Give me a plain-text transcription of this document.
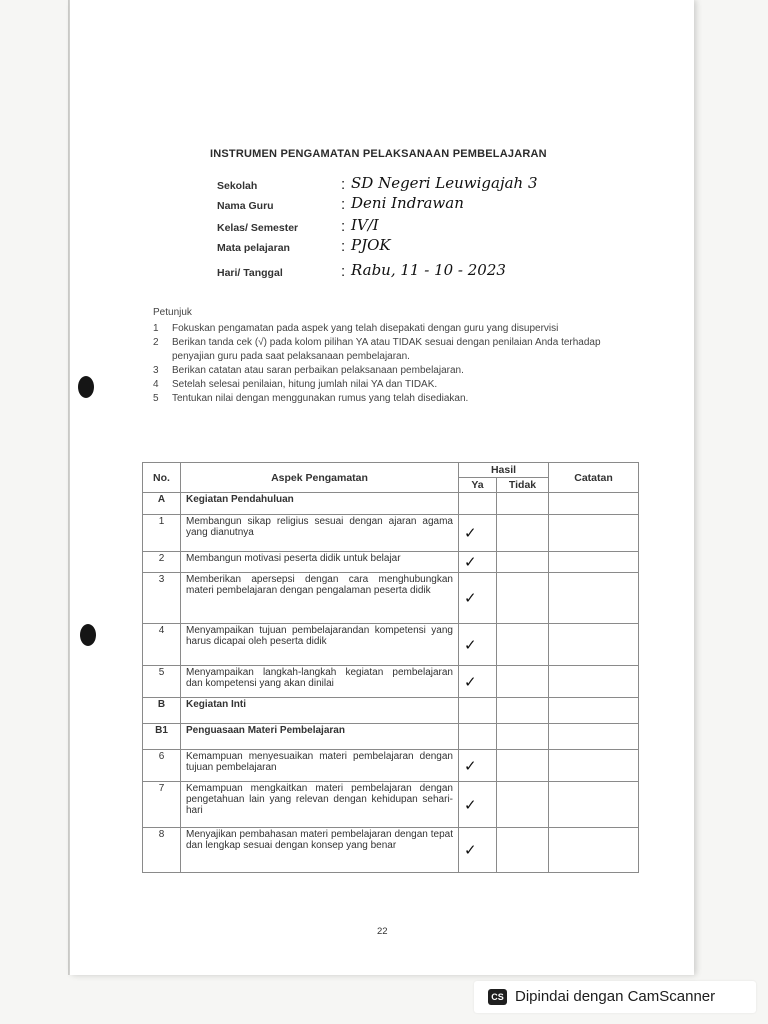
INSTRUMEN PENGAMATAN PELAKSANAAN PEMBELAJARAN
Sekolah	: SD Negeri Leuwigajah 3
Nama Guru	: Deni Indrawan
Kelas/ Semester	: IV/I
Mata pelajaran	: PJOK
Hari/ Tanggal	: Rabu, 11 - 10 - 2023
Petunjuk
1	Fokuskan pengamatan pada aspek yang telah disepakati dengan guru yang disupervisi
2	Berikan tanda cek (√) pada kolom pilihan YA atau TIDAK sesuai dengan penilaian Anda terhadap penyajian guru pada saat pelaksanaan pembelajaran.
3	Berikan catatan atau saran perbaikan pelaksanaan pembelajaran.
4	Setelah selesai penilaian, hitung jumlah nilai YA dan TIDAK.
5	Tentukan nilai dengan menggunakan rumus yang telah disediakan.
No.	Aspek Pengamatan	Hasil		Catatan
		Ya	Tidak	
A	Kegiatan Pendahuluan			
1	Membangun sikap religius sesuai dengan ajaran agama yang dianutnya	✓		
2	Membangun motivasi peserta didik untuk belajar	✓		
3	Memberikan apersepsi dengan cara menghubungkan materi pembelajaran dengan pengalaman peserta didik	✓		
4	Menyampaikan tujuan pembelajarandan kompetensi yang harus dicapai oleh peserta didik	✓		
5	Menyampaikan langkah-langkah kegiatan pembelajaran dan kompetensi yang akan dinilai	✓		
B	Kegiatan Inti			
B1	Penguasaan Materi Pembelajaran			
6	Kemampuan menyesuaikan materi pembelajaran dengan tujuan pembelajaran	✓		
7	Kemampuan mengkaitkan materi pembelajaran dengan pengetahuan lain yang relevan dengan kehidupan sehari-hari	✓		
8	Menyajikan pembahasan materi pembelajaran dengan tepat dan lengkap sesuai dengan konsep yang benar	✓		
22
CS Dipindai dengan CamScanner
